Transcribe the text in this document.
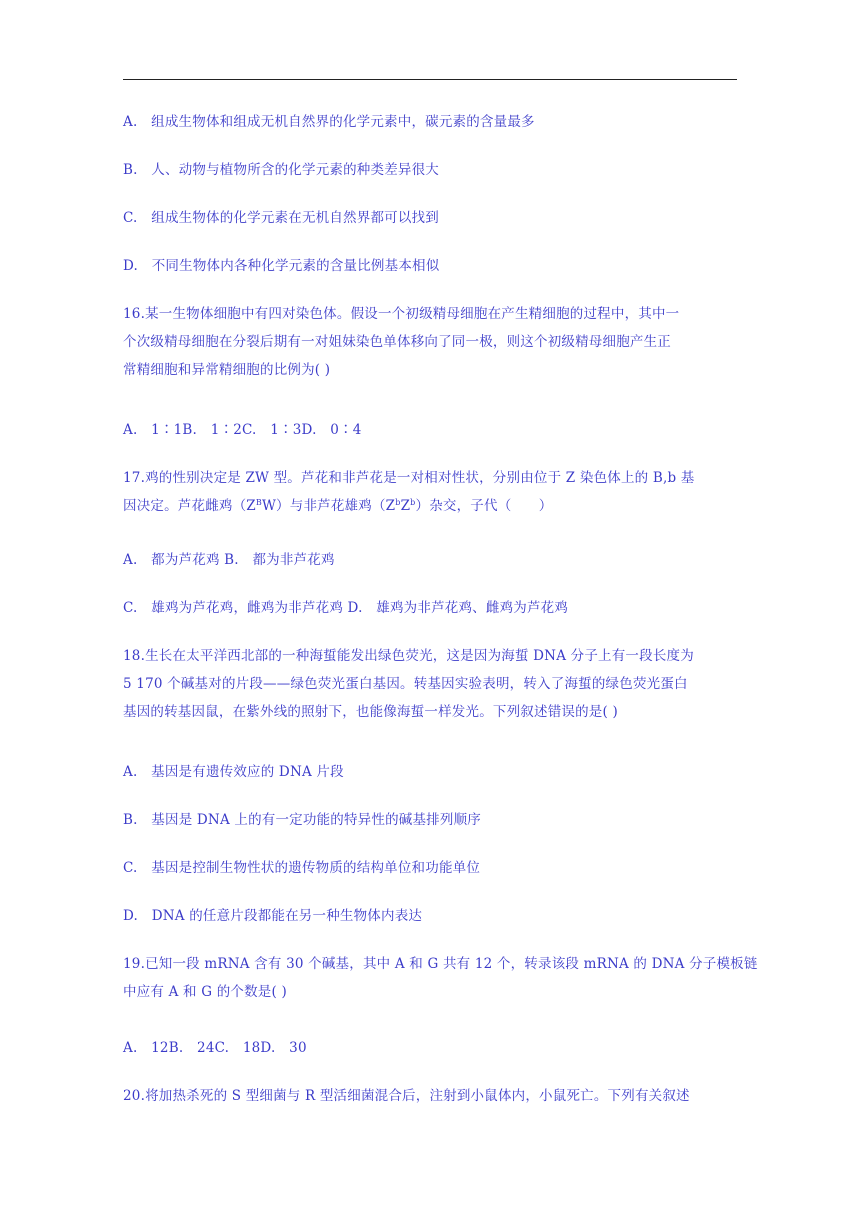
A.　组成生物体和组成无机自然界的化学元素中，碳元素的含量最多
B.　人、动物与植物所含的化学元素的种类差异很大
C.　组成生物体的化学元素在无机自然界都可以找到
D.　不同生物体内各种化学元素的含量比例基本相似
16.某一生物体细胞中有四对染色体。假设一个初级精母细胞在产生精细胞的过程中，其中一
个次级精母细胞在分裂后期有一对姐妹染色单体移向了同一极，则这个初级精母细胞产生正
常精细胞和异常精细胞的比例为( )
A.　1∶1B.　1∶2C.　1∶3D.　0∶4
17.鸡的性别决定是 ZW 型。芦花和非芦花是一对相对性状，分别由位于 Z 染色体上的 B,b 基
因决定。芦花雌鸡$(Z^BW)$与非芦花雄鸡$(Z^bZ^b)$杂交，子代（　　）
A.　都为芦花鸡 B.　都为非芦花鸡
C.　雄鸡为芦花鸡，雌鸡为非芦花鸡 D.　雄鸡为非芦花鸡、雌鸡为芦花鸡
18.生长在太平洋西北部的一种海蜇能发出绿色荧光，这是因为海蜇 DNA 分子上有一段长度为
5 170 个碱基对的片段——绿色荧光蛋白基因。转基因实验表明，转入了海蜇的绿色荧光蛋白
基因的转基因鼠，在紫外线的照射下，也能像海蜇一样发光。下列叙述错误的是( )
A.　基因是有遗传效应的 DNA 片段
B.　基因是 DNA 上的有一定功能的特异性的碱基排列顺序
C.　基因是控制生物性状的遗传物质的结构单位和功能单位
D.　DNA 的任意片段都能在另一种生物体内表达
19.已知一段 mRNA 含有 30 个碱基，其中 A 和 G 共有 12 个，转录该段 mRNA 的 DNA 分子模板链
中应有 A 和 G 的个数是( )
A.　12B.　24C.　18D.　30
20.将加热杀死的 S 型细菌与 R 型活细菌混合后，注射到小鼠体内，小鼠死亡。下列有关叙述
